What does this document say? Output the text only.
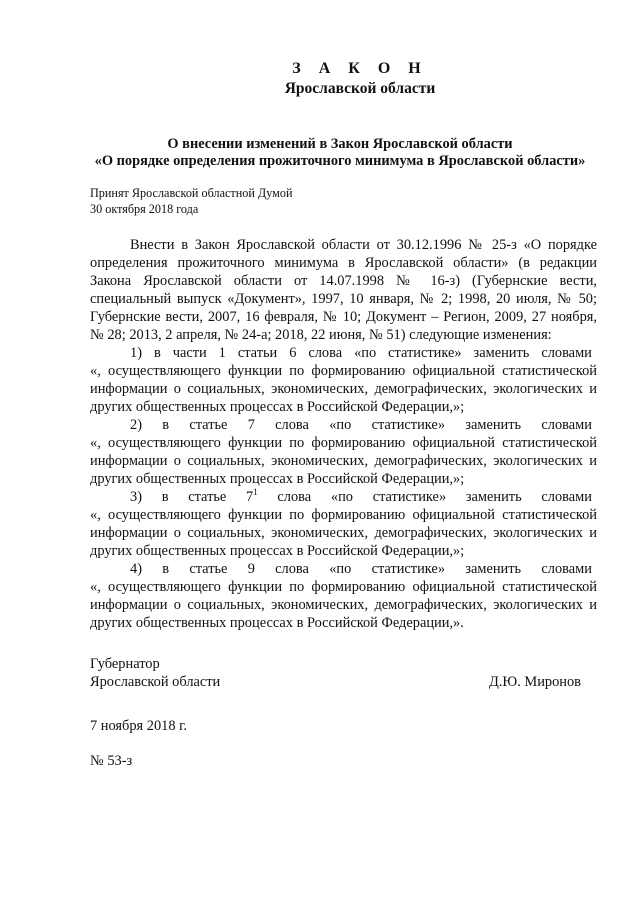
З А К О Н
Ярославской области
О внесении изменений в Закон Ярославской области
«О порядке определения прожиточного минимума в Ярославской области»
Принят Ярославской областной Думой
30 октября 2018 года

Внести в Закон Ярославской области от 30.12.1996 № 25-з «О порядке определения прожиточного минимума в Ярославской области» (в редакции Закона Ярославской области от 14.07.1998 № 16-з) (Губернские вести, специальный выпуск «Документ», 1997, 10 января, № 2; 1998, 20 июля, № 50; Губернские вести, 2007, 16 февраля, № 10; Документ – Регион, 2009, 27 ноября, № 28; 2013, 2 апреля, № 24-а; 2018, 22 июня, № 51) следующие изменения:

1) в части 1 статьи 6 слова «по статистике» заменить словами «, осуществляющего функции по формированию официальной статистической информации о социальных, экономических, демографических, экологических и других общественных процессах в Российской Федерации,»;

2) в статье 7 слова «по статистике» заменить словами «, осуществляющего функции по формированию официальной статистической информации о социальных, экономических, демографических, экологических и других общественных процессах в Российской Федерации,»;

3) в статье $7^1$ слова «по статистике» заменить словами «, осуществляющего функции по формированию официальной статистической информации о социальных, экономических, демографических, экологических и других общественных процессах в Российской Федерации,»;

4) в статье 9 слова «по статистике» заменить словами «, осуществляющего функции по формированию официальной статистической информации о социальных, экономических, демографических, экологических и других общественных процессах в Российской Федерации,».

Губернатор
Ярославской области	Д.Ю. Миронов
7 ноября 2018 г.
№ 53-з
